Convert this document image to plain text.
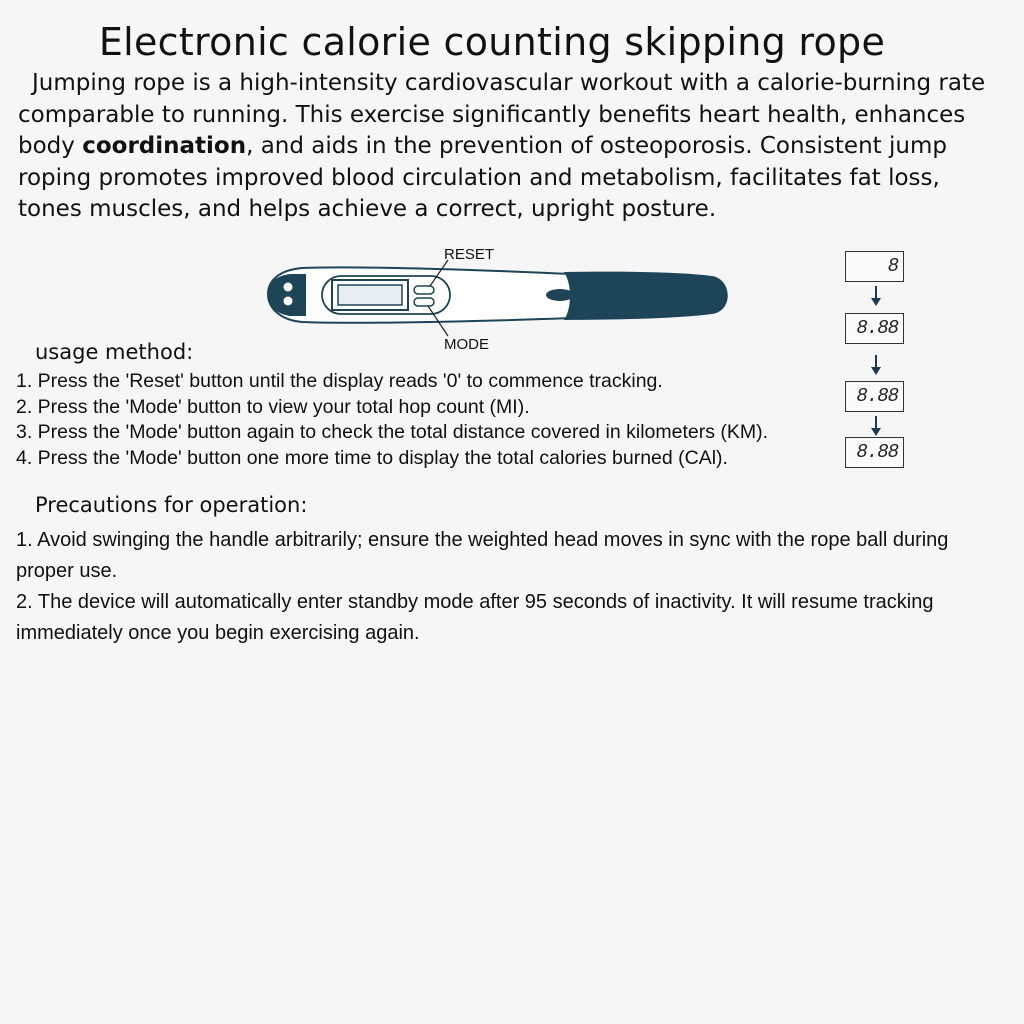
Electronic calorie counting skipping rope

Jumping rope is a high-intensity cardiovascular workout with a calorie-burning rate comparable to running. This exercise significantly benefits heart health, enhances body coordination, and aids in the prevention of osteoporosis. Consistent jump roping promotes improved blood circulation and metabolism, facilitates fat loss, tones muscles, and helps achieve a correct, upright posture.

RESET
MODE
8
8.88
8.88
8.88
usage method:
1. Press the 'Reset' button until the display reads '0' to commence tracking.
2. Press the 'Mode' button to view your total hop count (MI).
3. Press the 'Mode' button again to check the total distance covered in kilometers (KM).
4. Press the 'Mode' button one more time to display the total calories burned (CAl).
Precautions for operation:
1. Avoid swinging the handle arbitrarily; ensure the weighted head moves in sync with the rope ball during proper use.
2. The device will automatically enter standby mode after 95 seconds of inactivity. It will resume tracking immediately once you begin exercising again.
